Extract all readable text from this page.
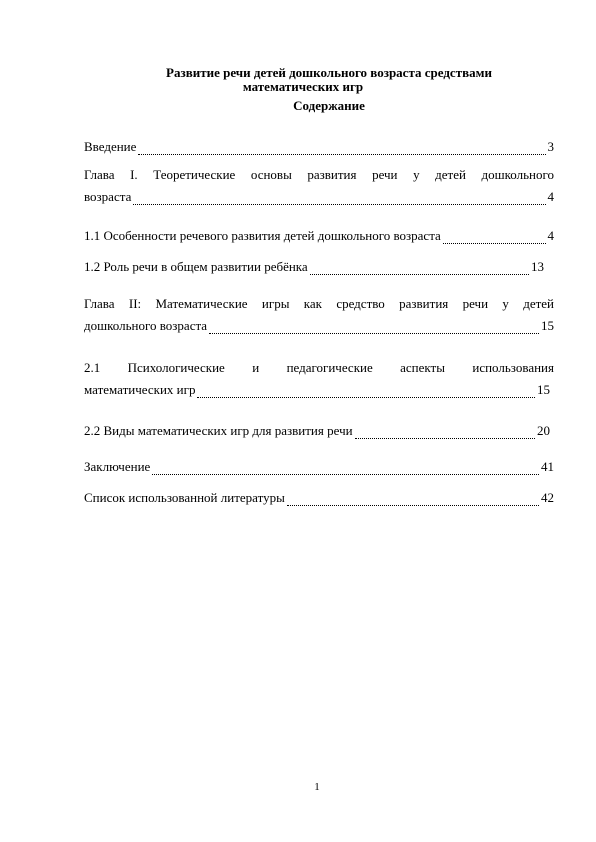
Развитие речи детей дошкольного возраста средствами
математических игр
Содержание
Введение	3
Глава I. Теоретические основы развития речи у детей дошкольного
возраста	4
1.1 Особенности речевого развития детей дошкольного возраста	4
1.2 Роль речи в общем развитии ребёнка	13
Глава II: Математические игры как средство развития речи у детей
дошкольного возраста	15
2.1 Психологические и педагогические аспекты использования
математических игр	15
2.2 Виды математических игр для развития речи	20
Заключение	41
Список использованной литературы	42
1
